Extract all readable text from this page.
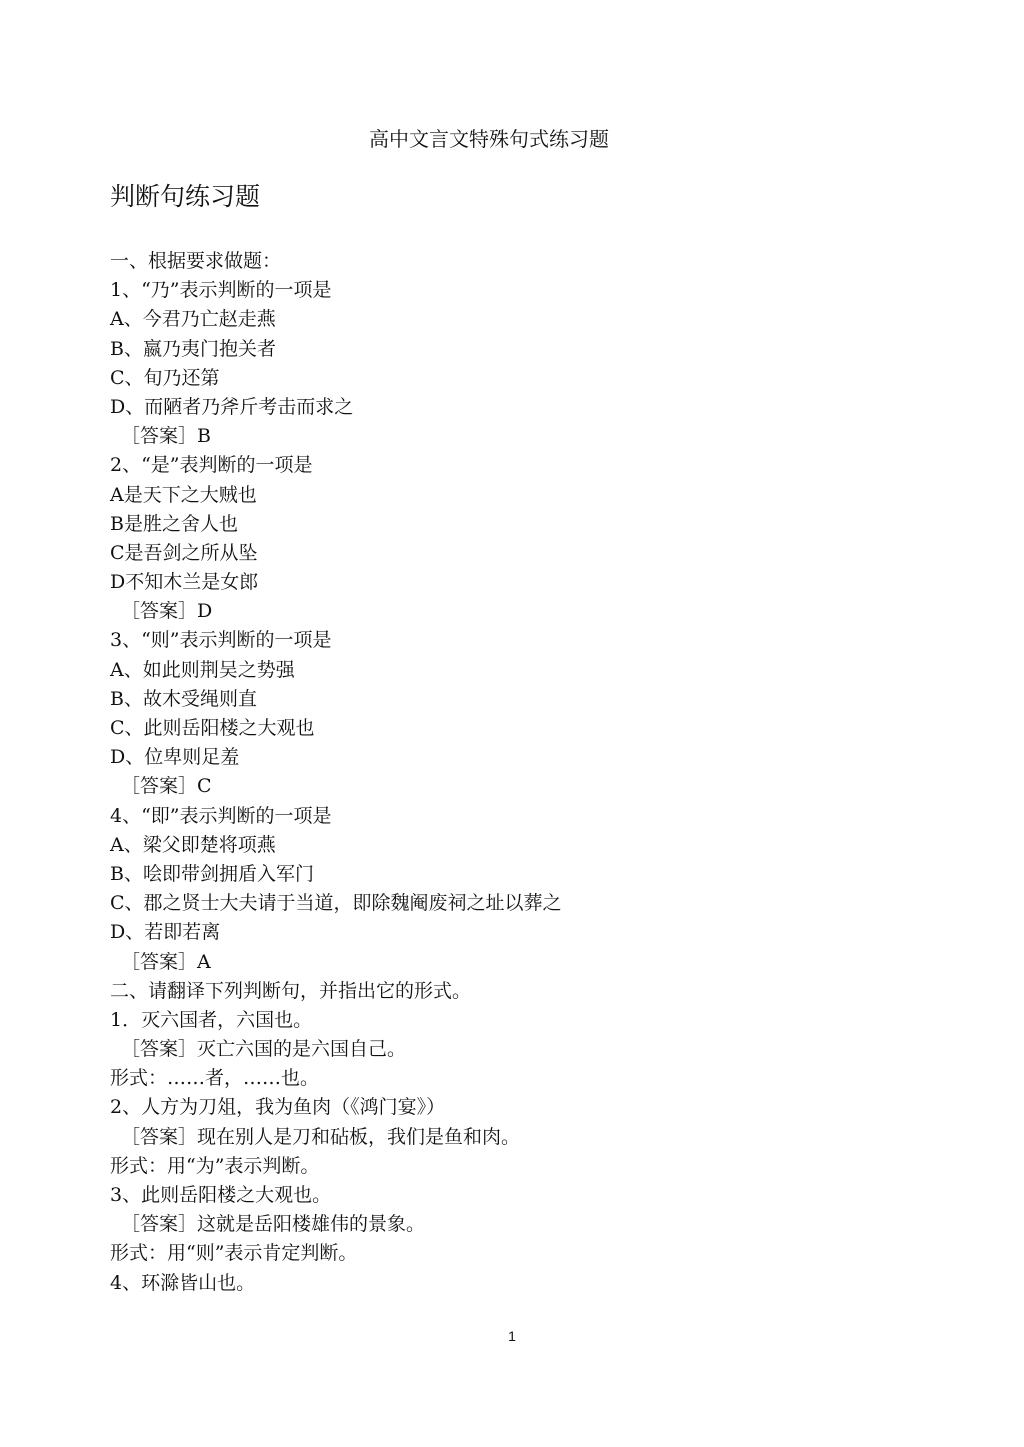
高中文言文特殊句式练习题
判断句练习题
一、根据要求做题：
1、“乃”表示判断的一项是
A、今君乃亡赵走燕
B、嬴乃夷门抱关者
C、旬乃还第
D、而陋者乃斧斤考击而求之
［答案］B
2、“是”表判断的一项是
A是天下之大贼也
B是胜之舍人也
C是吾剑之所从坠
D不知木兰是女郎
［答案］D
3、“则”表示判断的一项是
A、如此则荆吴之势强
B、故木受绳则直
C、此则岳阳楼之大观也
D、位卑则足羞
［答案］C
4、“即”表示判断的一项是
A、梁父即楚将项燕
B、哙即带剑拥盾入军门
C、郡之贤士大夫请于当道，即除魏阉废祠之址以葬之
D、若即若离
［答案］A
二、请翻译下列判断句，并指出它的形式。
1．灭六国者，六国也。
［答案］灭亡六国的是六国自己。
形式：……者，……也。
2、人方为刀俎，我为鱼肉（《鸿门宴》）
［答案］现在别人是刀和砧板，我们是鱼和肉。
形式：用“为”表示判断。
3、此则岳阳楼之大观也。
［答案］这就是岳阳楼雄伟的景象。
形式：用“则”表示肯定判断。
4、环滁皆山也。
1
